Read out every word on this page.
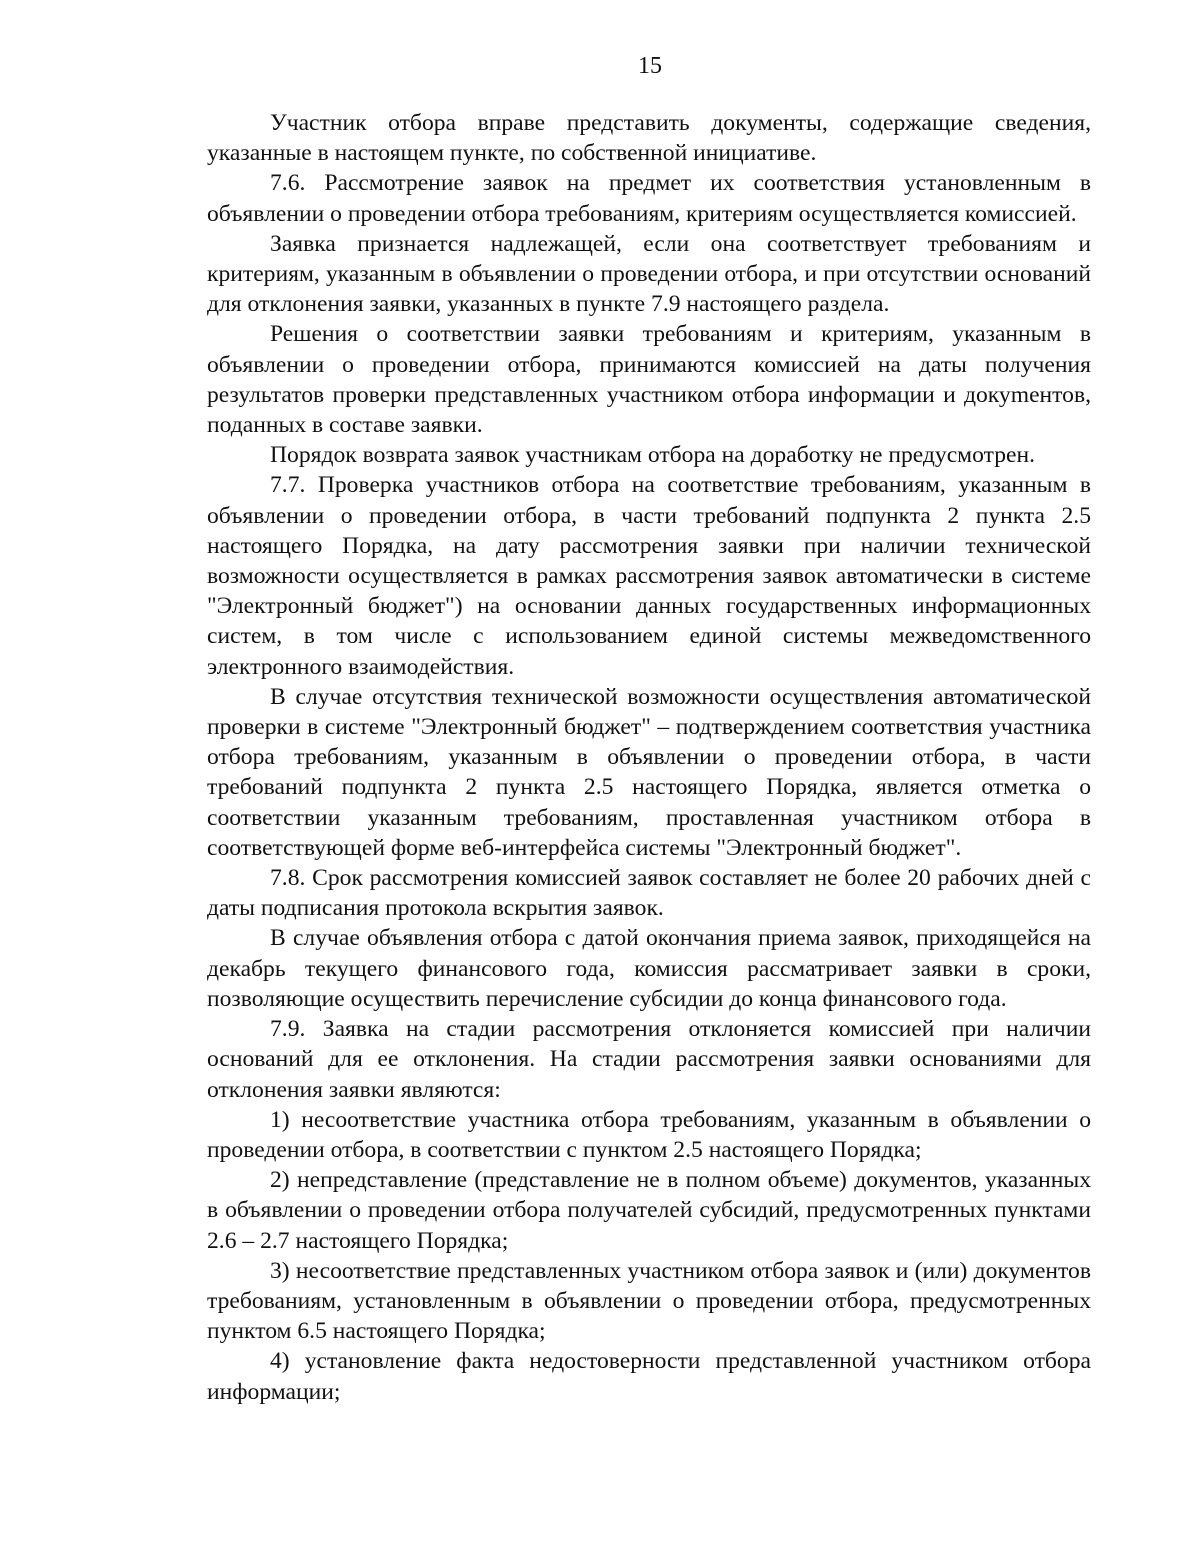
15

Участник отбора вправе представить документы, содержащие сведения, указанные в настоящем пункте, по собственной инициативе.

7.6. Рассмотрение заявок на предмет их соответствия установленным в объявлении о проведении отбора требованиям, критериям осуществляется комиссией.

Заявка признается надлежащей, если она соответствует требованиям и критериям, указанным в объявлении о проведении отбора, и при отсутствии оснований для отклонения заявки, указанных в пункте 7.9 настоящего раздела.

Решения о соответствии заявки требованиям и критериям, указанным в объявлении о проведении отбора, принимаются комиссией на даты получения результатов проверки представленных участником отбора информации и докуmентов, поданных в составе заявки.

Порядок возврата заявок участникам отбора на доработку не предусмотрен.

7.7. Проверка участников отбора на соответствие требованиям, указанным в объявлении о проведении отбора, в части требований подпункта 2 пункта 2.5 настоящего Порядка, на дату рассмотрения заявки при наличии технической возможности осуществляется в рамках рассмотрения заявок автоматически в системе "Электронный бюджет") на основании данных государственных информационных систем, в том числе с использованием единой системы межведомственного электронного взаимодействия.

В случае отсутствия технической возможности осуществления автоматической проверки в системе "Электронный бюджет" – подтверждением соответствия участника отбора требованиям, указанным в объявлении о проведении отбора, в части требований подпункта 2 пункта 2.5 настоящего Порядка, является отметка о соответствии указанным требованиям, проставленная участником отбора в соответствующей форме веб-интерфейса системы "Электронный бюджет".

7.8. Срок рассмотрения комиссией заявок составляет не более 20 рабочих дней с даты подписания протокола вскрытия заявок.

В случае объявления отбора с датой окончания приема заявок, приходящейся на декабрь текущего финансового года, комиссия рассматривает заявки в сроки, позволяющие осуществить перечисление субсидии до конца финансового года.

7.9. Заявка на стадии рассмотрения отклоняется комиссией при наличии оснований для ее отклонения. На стадии рассмотрения заявки основаниями для отклонения заявки являются:

1) несоответствие участника отбора требованиям, указанным в объявлении о проведении отбора, в соответствии с пунктом 2.5 настоящего Порядка;

2) непредставление (представление не в полном объеме) документов, указанных в объявлении о проведении отбора получателей субсидий, предусмотренных пунктами 2.6 – 2.7 настоящего Порядка;

3) несоответствие представленных участником отбора заявок и (или) документов требованиям, установленным в объявлении о проведении отбора, предусмотренных пунктом 6.5 настоящего Порядка;

4) установление факта недостоверности представленной участником отбора информации;
